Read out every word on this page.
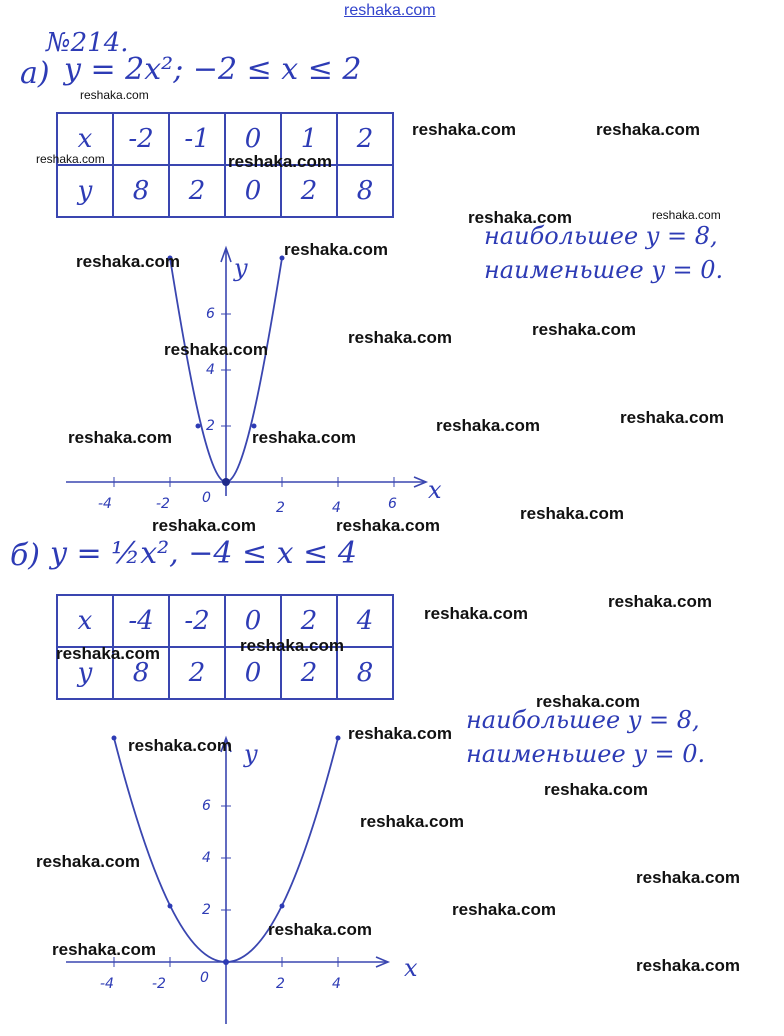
reshaka.com
№214.
а) y = 2x²; −2 ≤ x ≤ 2
x	-2	-1	0	1	2
y	8	2	0	2	8
наибольшее y = 8,
наименьшее y = 0.
x
y
-4	-2 0
2	4	6
2
4
6
б) y = ½x², −4 ≤ x ≤ 4
x	-4	-2	0	2	4
y	8	2	0	2	8
наибольшее y = 8,
наименьшее y = 0.
x
y
-4	-2 0	2	4
2
4
6
reshaka.com
reshaka.com	reshaka.com
reshaka.com	reshaka.com
reshaka.com	reshaka.com
reshaka.com
reshaka.com
reshaka.com	reshaka.com
reshaka.com
reshaka.com	reshaka.com
reshaka.com	reshaka.com
reshaka.com	reshaka.com
reshaka.com
reshaka.com
reshaka.com
reshaka.com	reshaka.com
reshaka.com
reshaka.com
reshaka.com
reshaka.com
reshaka.com
reshaka.com
reshaka.com
reshaka.com
reshaka.com
reshaka.com
reshaka.com
